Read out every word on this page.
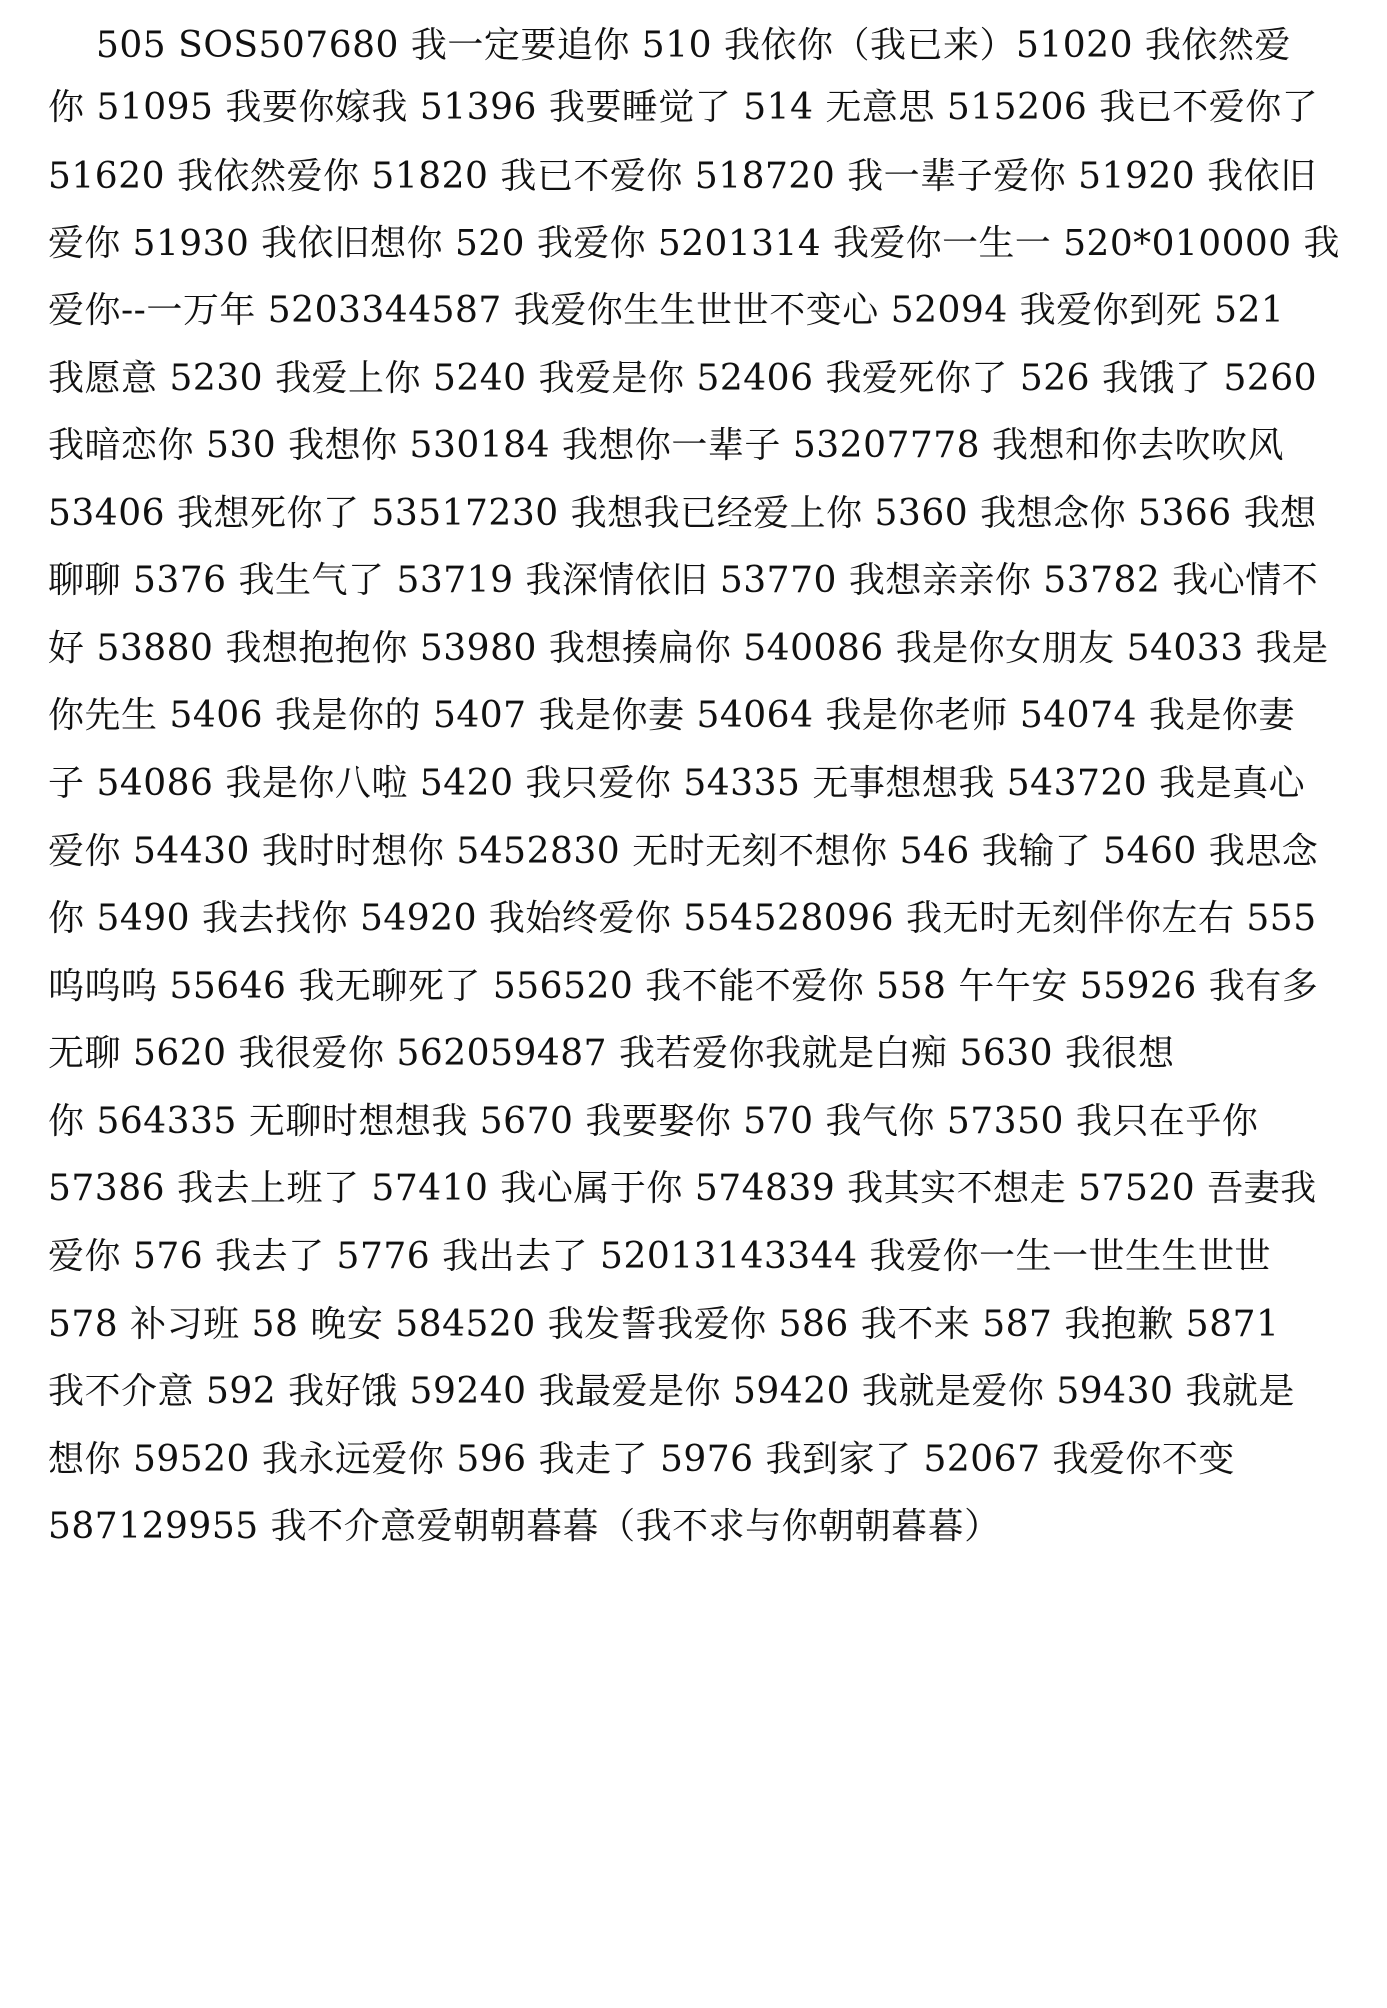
505 SOS507680 我一定要追你 510 我依你（我已来）51020 我依然爱
你 51095 我要你嫁我 51396 我要睡觉了 514 无意思 515206 我已不爱你了
51620 我依然爱你 51820 我已不爱你 518720 我一辈子爱你 51920 我依旧
爱你 51930 我依旧想你 520 我爱你 5201314 我爱你一生一 520*010000 我
爱你--一万年 5203344587 我爱你生生世世不变心 52094 我爱你到死 521
我愿意 5230 我爱上你 5240 我爱是你 52406 我爱死你了 526 我饿了 5260
我暗恋你 530 我想你 530184 我想你一辈子 53207778 我想和你去吹吹风
53406 我想死你了 53517230 我想我已经爱上你 5360 我想念你 5366 我想
聊聊 5376 我生气了 53719 我深情依旧 53770 我想亲亲你 53782 我心情不
好 53880 我想抱抱你 53980 我想揍扁你 540086 我是你女朋友 54033 我是
你先生 5406 我是你的 5407 我是你妻 54064 我是你老师 54074 我是你妻
子 54086 我是你八啦 5420 我只爱你 54335 无事想想我 543720 我是真心
爱你 54430 我时时想你 5452830 无时无刻不想你 546 我输了 5460 我思念
你 5490 我去找你 54920 我始终爱你 554528096 我无时无刻伴你左右 555
呜呜呜 55646 我无聊死了 556520 我不能不爱你 558 午午安 55926 我有多
无聊 5620 我很爱你 562059487 我若爱你我就是白痴 5630 我很想
你 564335 无聊时想想我 5670 我要娶你 570 我气你 57350 我只在乎你
57386 我去上班了 57410 我心属于你 574839 我其实不想走 57520 吾妻我
爱你 576 我去了 5776 我出去了 52013143344 我爱你一生一世生生世世
578 补习班 58 晚安 584520 我发誓我爱你 586 我不来 587 我抱歉 5871
我不介意 592 我好饿 59240 我最爱是你 59420 我就是爱你 59430 我就是
想你 59520 我永远爱你 596 我走了 5976 我到家了 52067 我爱你不变
587129955 我不介意爱朝朝暮暮（我不求与你朝朝暮暮）
